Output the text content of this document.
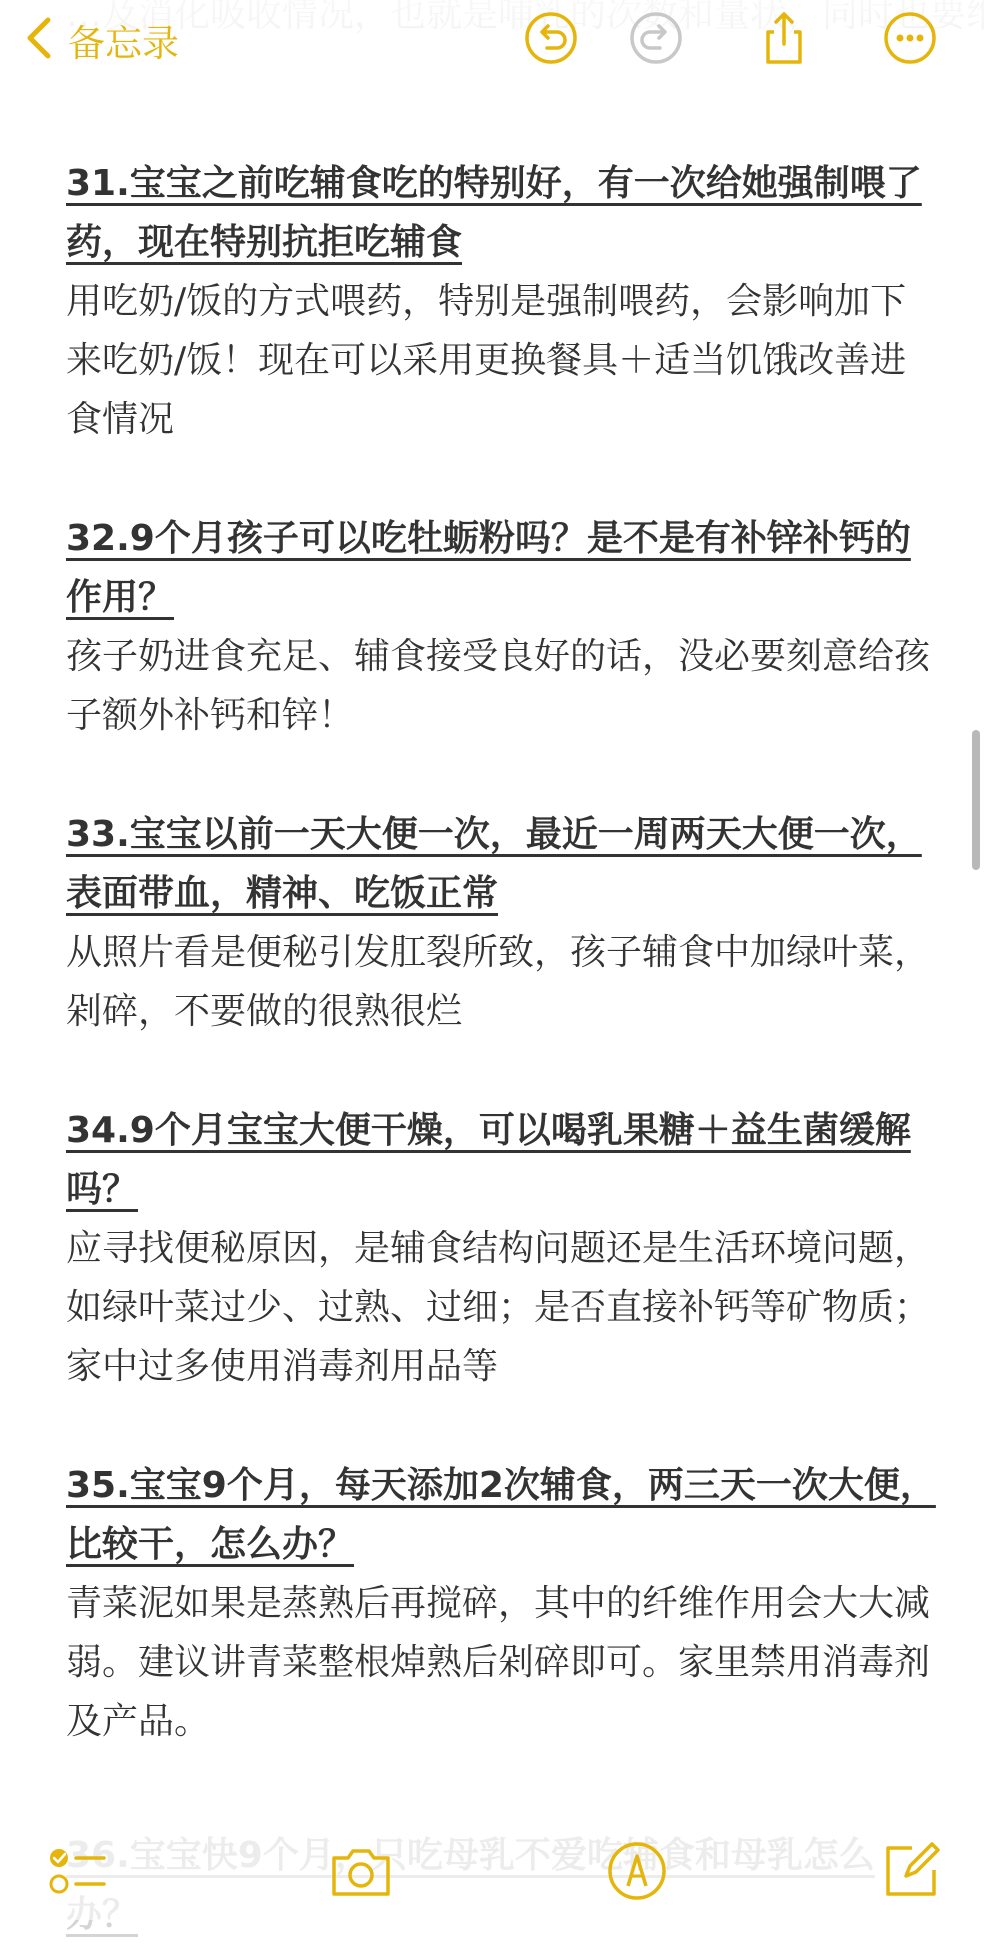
备忘录
31.宝宝之前吃辅食吃的特别好，有一次给她强制喂了药，现在特别抗拒吃辅食
用吃奶/饭的方式喂药，特别是强制喂药，会影响加下来吃奶/饭！现在可以采用更换餐具＋适当饥饿改善进食情况
32.9个月孩子可以吃牡蛎粉吗？是不是有补锌补钙的作用？
孩子奶进食充足、辅食接受良好的话，没必要刻意给孩子额外补钙和锌！
33.宝宝以前一天大便一次，最近一周两天大便一次，表面带血，精神、吃饭正常
从照片看是便秘引发肛裂所致，孩子辅食中加绿叶菜，剁碎，不要做的很熟很烂
34.9个月宝宝大便干燥，可以喝乳果糖＋益生菌缓解吗？
应寻找便秘原因，是辅食结构问题还是生活环境问题，如绿叶菜过少、过熟、过细；是否直接补钙等矿物质；家中过多使用消毒剂用品等
35.宝宝9个月，每天添加2次辅食，两三天一次大便，比较干，怎么办？
青菜泥如果是蒸熟后再搅碎，其中的纤维作用会大大减弱。建议讲青菜整根焯熟后剁碎即可。家里禁用消毒剂及产品。
